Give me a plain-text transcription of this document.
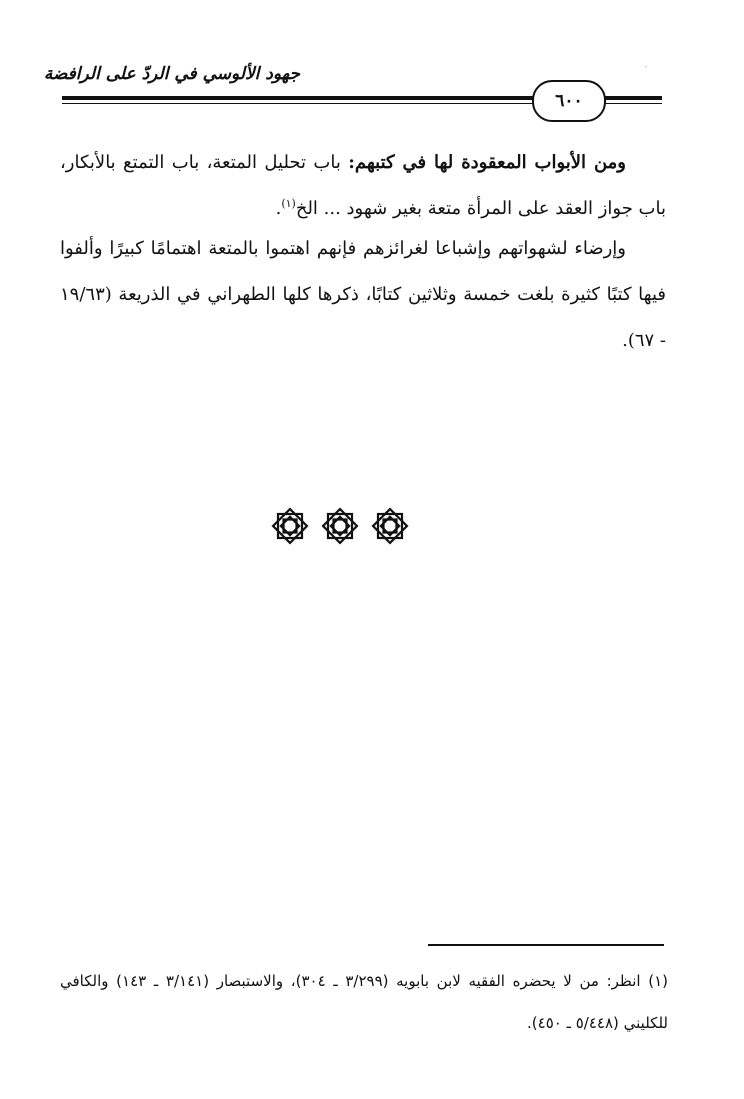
·
جهود الألوسي في الردّ على الرافضة
٦٠٠

ومن الأبواب المعقودة لها في كتبهم: باب تحليل المتعة، باب التمتع بالأبكار، باب جواز العقد على المرأة متعة بغير شهود ... الخ$^{(١)}$.

وإرضاء لشهواتهم وإشباعا لغرائزهم فإنهم اهتموا بالمتعة اهتمامًا كبيرًا وألفوا فيها كتبًا كثيرة بلغت خمسة وثلاثين كتابًا، ذكرها كلها الطهراني في الذريعة (١٩/٦٣ - ٦٧).

(١) انظر: من لا يحضره الفقيه لابن بابويه (٣/٢٩٩ ـ ٣٠٤)، والاستبصار (٣/١٤١ ـ ١٤٣) والكافي للكليني (٥/٤٤٨ ـ ٤٥٠).
